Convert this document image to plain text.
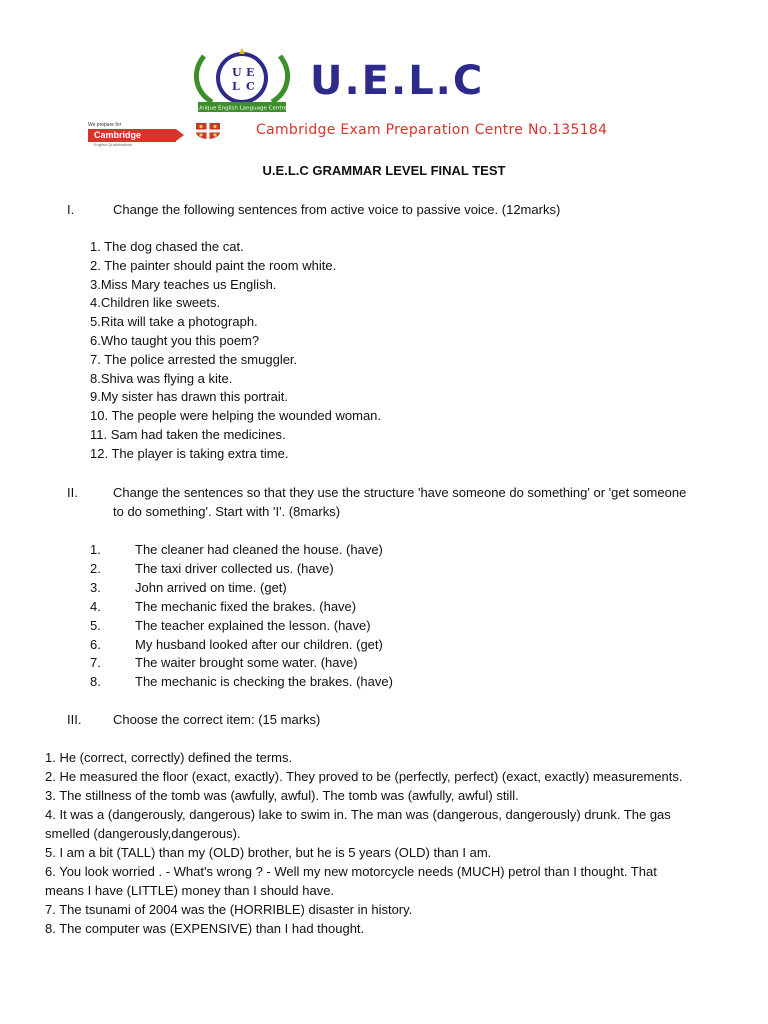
U E
L C
Unique English Language Centre
U.E.L.C
We prepare for
Cambridge
English Qualifications
Cambridge Exam Preparation Centre No.135184
U.E.L.C GRAMMAR LEVEL FINAL TEST
I.	Change the following sentences from active voice to passive voice. (12marks)
1. The dog chased the cat.
2. The painter should paint the room white.
3.Miss Mary teaches us English.
4.Children like sweets.
5.Rita will take a photograph.
6.Who taught you this poem?
7. The police arrested the smuggler.
8.Shiva was flying a kite.
9.My sister has drawn this portrait.
10. The people were helping the wounded woman.
11. Sam had taken the medicines.
12. The player is taking extra time.
II.	Change the sentences so that they use the structure 'have someone do something' or 'get someone
to do something'. Start with 'I'. (8marks)
1.	The cleaner had cleaned the house. (have)
2.	The taxi driver collected us. (have)
3.	John arrived on time. (get)
4.	The mechanic fixed the brakes. (have)
5.	The teacher explained the lesson. (have)
6.	My husband looked after our children. (get)
7.	The waiter brought some water. (have)
8.	The mechanic is checking the brakes. (have)
III. Choose the correct item: (15 marks)
1. He (correct, correctly) defined the terms.
2. He measured the floor (exact, exactly). They proved to be (perfectly, perfect) (exact, exactly) measurements.
3. The stillness of the tomb was (awfully, awful). The tomb was (awfully, awful) still.
4. It was a (dangerously, dangerous) lake to swim in. The man was (dangerous, dangerously) drunk. The gas
smelled (dangerously,dangerous).
5. I am a bit (TALL) than my (OLD) brother, but he is 5 years (OLD) than I am.
6. You look worried . - What's wrong ? - Well my new motorcycle needs (MUCH) petrol than I thought. That
means I have (LITTLE) money than I should have.
7. The tsunami of 2004 was the (HORRIBLE) disaster in history.
8. The computer was (EXPENSIVE) than I had thought.
